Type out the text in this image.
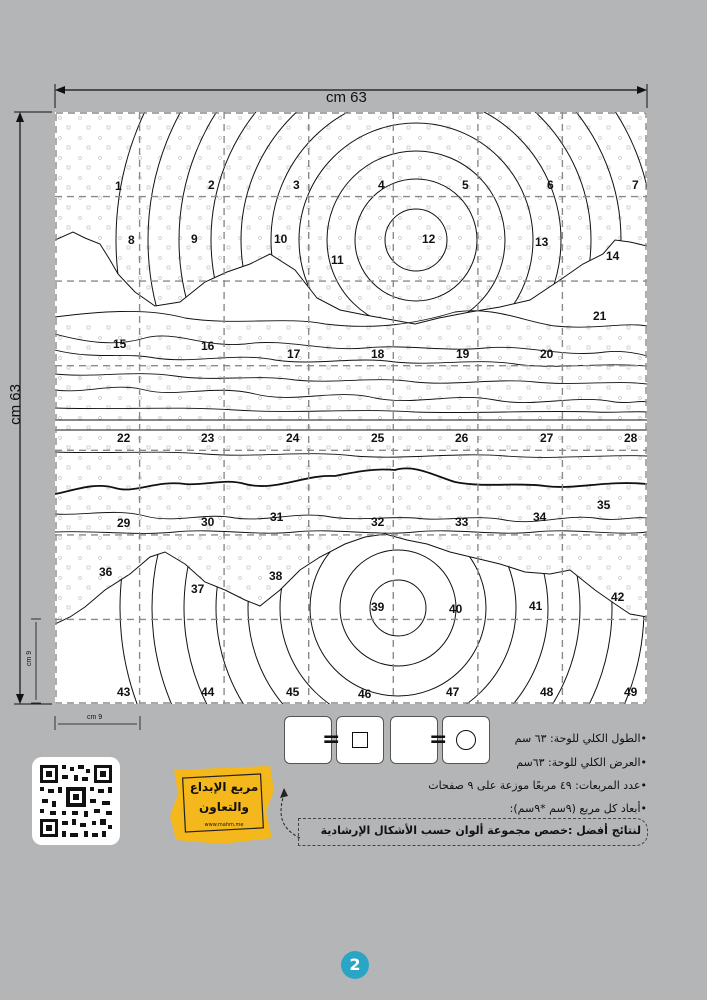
cm 63
cm 63
cm 9
cm 9
1	2	3	4	5	6	7
8	9	10
11
12	13
14
15	16
17	18	19	20
21
22	23	24	25	26	27	28
29	30	31	32	33	34
35
36
37
38
39	40	41
42
43	44	45	46	47	48	49
=	=	•الطول الكلي للوحة: ٦٣ سم
•العرض الكلي للوحة: ٦٣سم
•عدد المربعات: ٤٩ مربعًا موزعة على ٩ صفحات
•أبعاد كل مربع (٩سم *٩سم):
لنتائج أفضل :خصص مجموعة ألوان حسب الأشكال الإرشادية
مربع الإبداع
والتعاون
www.mahm.me
2
